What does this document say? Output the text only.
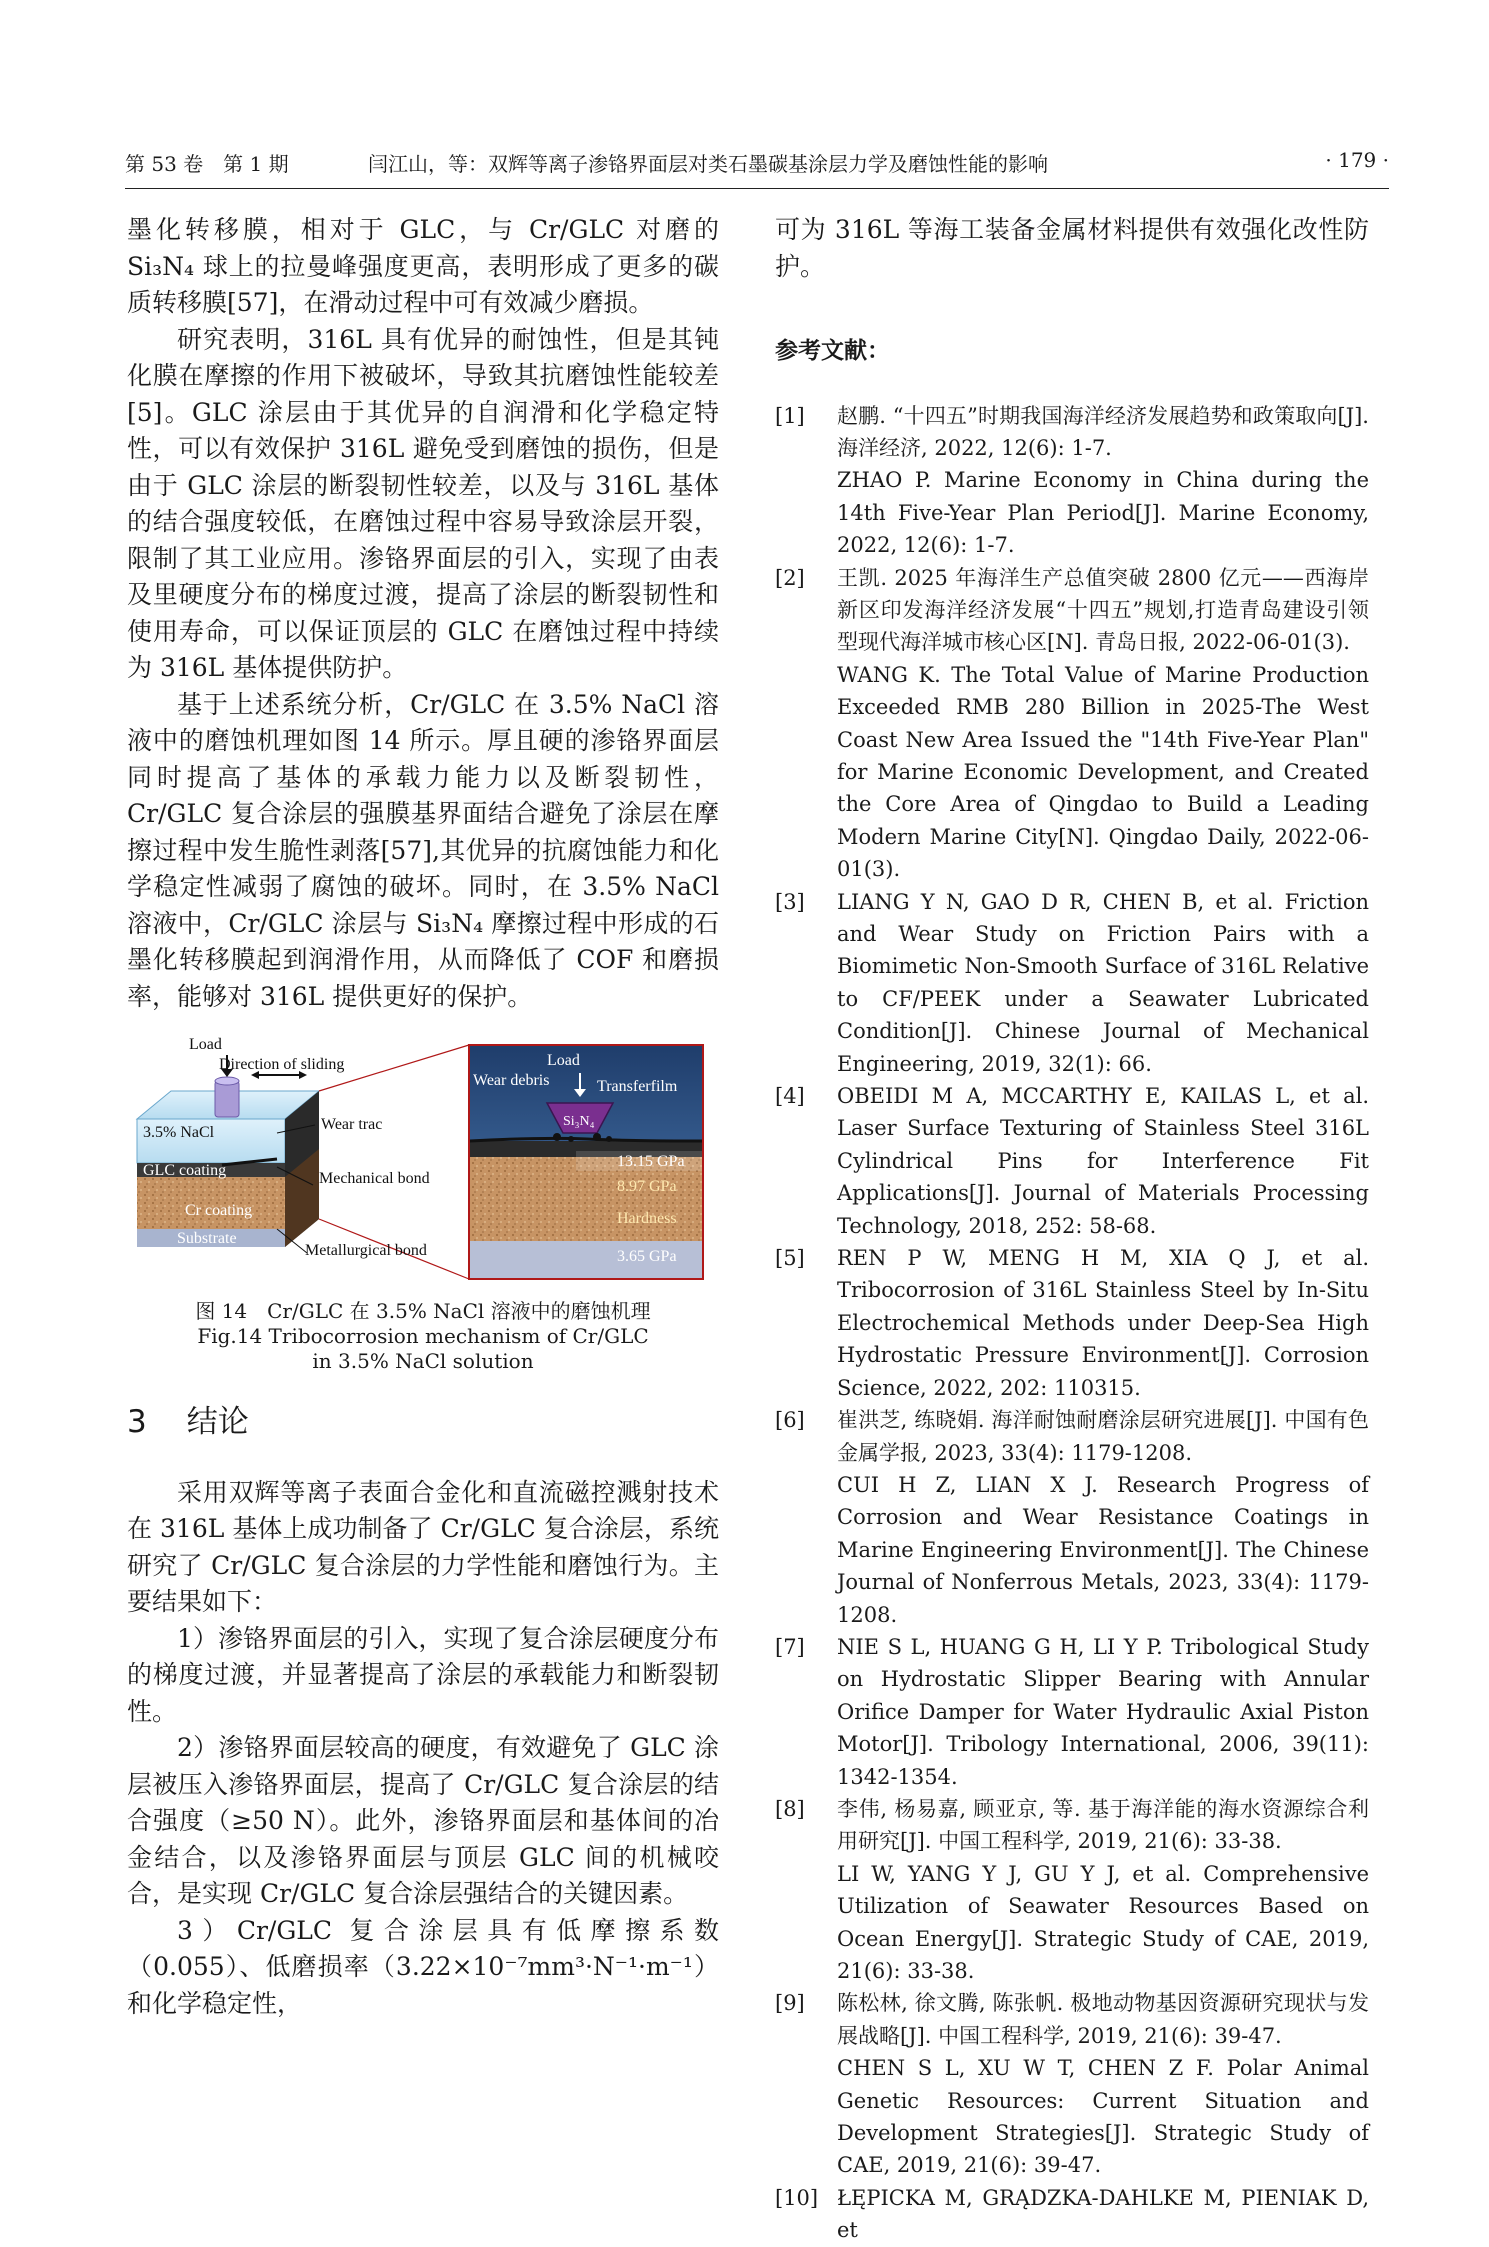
第 53 卷　第 1 期	闫江山，等：双辉等离子渗铬界面层对类石墨碳基涂层力学及磨蚀性能的影响	· 179 ·

墨化转移膜，相对于 GLC，与 Cr/GLC 对磨的 Si₃N₄ 球上的拉曼峰强度更高，表明形成了更多的碳质转移膜[57]，在滑动过程中可有效减少磨损。

研究表明，316L 具有优异的耐蚀性，但是其钝化膜在摩擦的作用下被破坏，导致其抗磨蚀性能较差[5]。GLC 涂层由于其优异的自润滑和化学稳定特性，可以有效保护 316L 避免受到磨蚀的损伤，但是由于 GLC 涂层的断裂韧性较差，以及与 316L 基体的结合强度较低，在磨蚀过程中容易导致涂层开裂，限制了其工业应用。渗铬界面层的引入，实现了由表及里硬度分布的梯度过渡，提高了涂层的断裂韧性和使用寿命，可以保证顶层的 GLC 在磨蚀过程中持续为 316L 基体提供防护。

基于上述系统分析，Cr/GLC 在 3.5% NaCl 溶液中的磨蚀机理如图 14 所示。厚且硬的渗铬界面层同时提高了基体的承载力能力以及断裂韧性，Cr/GLC 复合涂层的强膜基界面结合避免了涂层在摩擦过程中发生脆性剥落[57],其优异的抗腐蚀能力和化学稳定性减弱了腐蚀的破坏。同时，在 3.5% NaCl 溶液中，Cr/GLC 涂层与 Si₃N₄ 摩擦过程中形成的石墨化转移膜起到润滑作用，从而降低了 COF 和磨损率，能够对 316L 提供更好的保护。

Load
Direction of sliding
3.5% NaCl	Wear trac
GLC coating	Mechanical bond
Cr coating
Substrate
Metallurgical bond
Load
Wear debris	Transferfilm
Si₃N₄
13.15 GPa
8.97 GPa
Hardness
3.65 GPa
图 14　Cr/GLC 在 3.5% NaCl 溶液中的磨蚀机理
Fig.14 Tribocorrosion mechanism of Cr/GLC
in 3.5% NaCl solution
3 结论

采用双辉等离子表面合金化和直流磁控溅射技术在 316L 基体上成功制备了 Cr/GLC 复合涂层，系统研究了 Cr/GLC 复合涂层的力学性能和磨蚀行为。主要结果如下：

1）渗铬界面层的引入，实现了复合涂层硬度分布的梯度过渡，并显著提高了涂层的承载能力和断裂韧性。

2）渗铬界面层较高的硬度，有效避免了 GLC 涂层被压入渗铬界面层，提高了 Cr/GLC 复合涂层的结合强度（≥50 N）。此外，渗铬界面层和基体间的冶金结合，以及渗铬界面层与顶层 GLC 间的机械咬合，是实现 Cr/GLC 复合涂层强结合的关键因素。

3）Cr/GLC 复合涂层具有低摩擦系数（0.055）、低磨损率（3.22×10⁻⁷mm³·N⁻¹·m⁻¹）和化学稳定性，

可为 316L 等海工装备金属材料提供有效强化改性防护。

参考文献：
[1] 赵鹏. “十四五”时期我国海洋经济发展趋势和政策取向[J]. 海洋经济, 2022, 12(6): 1-7.

ZHAO P. Marine Economy in China during the 14th Five-Year Plan Period[J]. Marine Economy, 2022, 12(6): 1-7.

[2] 王凯. 2025 年海洋生产总值突破 2800 亿元——西海岸新区印发海洋经济发展“十四五”规划,打造青岛建设引领型现代海洋城市核心区[N]. 青岛日报, 2022-06-01(3).

WANG K. The Total Value of Marine Production Exceeded RMB 280 Billion in 2025-The West Coast New Area Issued the "14th Five-Year Plan" for Marine Economic Development, and Created the Core Area of Qingdao to Build a Leading Modern Marine City[N]. Qingdao Daily, 2022-06-01(3).

[3] LIANG Y N, GAO D R, CHEN B, et al. Friction and Wear Study on Friction Pairs with a Biomimetic Non-Smooth Surface of 316L Relative to CF/PEEK under a Seawater Lubricated Condition[J]. Chinese Journal of Mechanical Engineering, 2019, 32(1): 66.

[4] OBEIDI M A, MCCARTHY E, KAILAS L, et al. Laser Surface Texturing of Stainless Steel 316L Cylindrical Pins for Interference Fit Applications[J]. Journal of Materials Processing Technology, 2018, 252: 58-68.

[5] REN P W, MENG H M, XIA Q J, et al. Tribocorrosion of 316L Stainless Steel by In-Situ Electrochemical Methods under Deep-Sea High Hydrostatic Pressure Environment[J]. Corrosion Science, 2022, 202: 110315.

[6] 崔洪芝, 练晓娟. 海洋耐蚀耐磨涂层研究进展[J]. 中国有色金属学报, 2023, 33(4): 1179-1208.

CUI H Z, LIAN X J. Research Progress of Corrosion and Wear Resistance Coatings in Marine Engineering Environment[J]. The Chinese Journal of Nonferrous Metals, 2023, 33(4): 1179-1208.

[7] NIE S L, HUANG G H, LI Y P. Tribological Study on Hydrostatic Slipper Bearing with Annular Orifice Damper for Water Hydraulic Axial Piston Motor[J]. Tribology International, 2006, 39(11): 1342-1354.

[8] 李伟, 杨易嘉, 顾亚京, 等. 基于海洋能的海水资源综合利用研究[J]. 中国工程科学, 2019, 21(6): 33-38.

LI W, YANG Y J, GU Y J, et al. Comprehensive Utilization of Seawater Resources Based on Ocean Energy[J]. Strategic Study of CAE, 2019, 21(6): 33-38.

[9] 陈松林, 徐文腾, 陈张帆. 极地动物基因资源研究现状与发展战略[J]. 中国工程科学, 2019, 21(6): 39-47.

CHEN S L, XU W T, CHEN Z F. Polar Animal Genetic Resources: Current Situation and Development Strategies[J]. Strategic Study of CAE, 2019, 21(6): 39-47.

[10] ŁĘPICKA M, GRĄDZKA-DAHLKE M, PIENIAK D, et
